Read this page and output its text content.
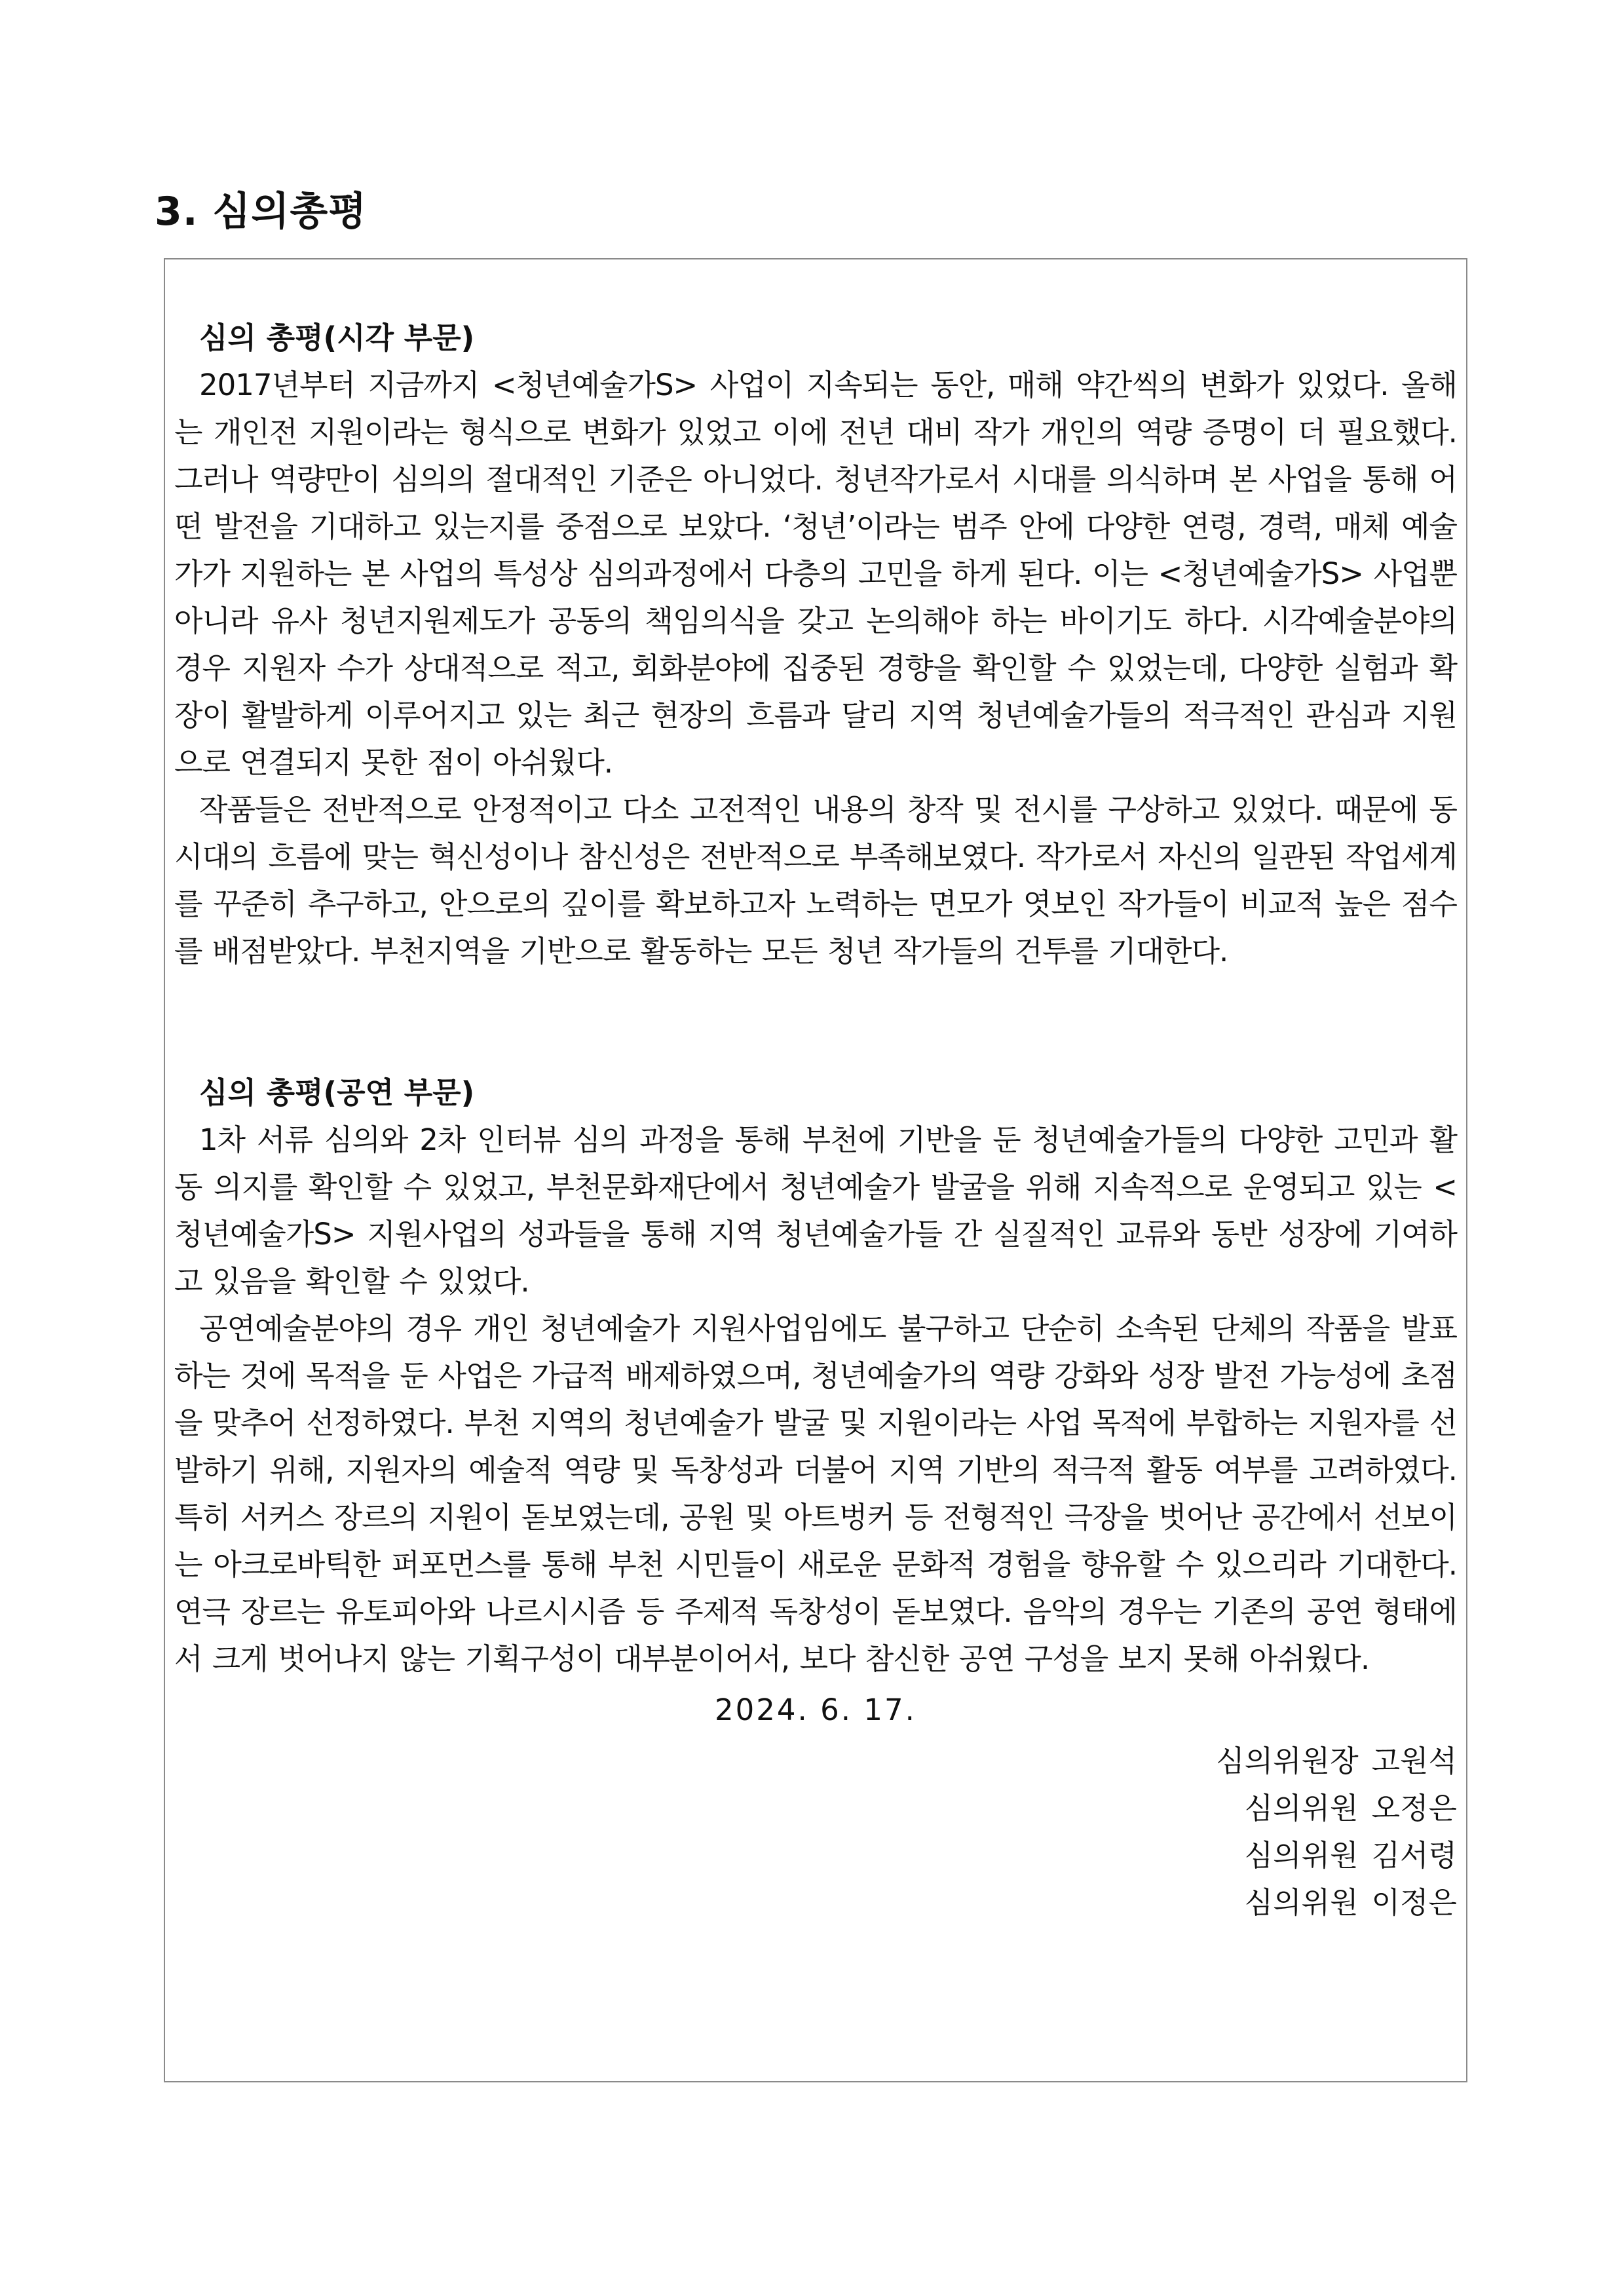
3. 심의총평
심의 총평(시각 부문)

2017년부터 지금까지 <청년예술가S> 사업이 지속되는 동안, 매해 약간씩의 변화가 있었다. 올해는 개인전 지원이라는 형식으로 변화가 있었고 이에 전년 대비 작가 개인의 역량 증명이 더 필요했다. 그러나 역량만이 심의의 절대적인 기준은 아니었다. 청년작가로서 시대를 의식하며 본 사업을 통해 어떤 발전을 기대하고 있는지를 중점으로 보았다. ‘청년’이라는 범주 안에 다양한 연령, 경력, 매체 예술가가 지원하는 본 사업의 특성상 심의과정에서 다층의 고민을 하게 된다. 이는 <청년예술가S> 사업뿐 아니라 유사 청년지원제도가 공동의 책임의식을 갖고 논의해야 하는 바이기도 하다. 시각예술분야의 경우 지원자 수가 상대적으로 적고, 회화분야에 집중된 경향을 확인할 수 있었는데, 다양한 실험과 확장이 활발하게 이루어지고 있는 최근 현장의 흐름과 달리 지역 청년예술가들의 적극적인 관심과 지원으로 연결되지 못한 점이 아쉬웠다.

작품들은 전반적으로 안정적이고 다소 고전적인 내용의 창작 및 전시를 구상하고 있었다. 때문에 동시대의 흐름에 맞는 혁신성이나 참신성은 전반적으로 부족해보였다. 작가로서 자신의 일관된 작업세계를 꾸준히 추구하고, 안으로의 깊이를 확보하고자 노력하는 면모가 엿보인 작가들이 비교적 높은 점수를 배점받았다. 부천지역을 기반으로 활동하는 모든 청년 작가들의 건투를 기대한다.

심의 총평(공연 부문)

1차 서류 심의와 2차 인터뷰 심의 과정을 통해 부천에 기반을 둔 청년예술가들의 다양한 고민과 활동 의지를 확인할 수 있었고, 부천문화재단에서 청년예술가 발굴을 위해 지속적으로 운영되고 있는 <청년예술가S> 지원사업의 성과들을 통해 지역 청년예술가들 간 실질적인 교류와 동반 성장에 기여하고 있음을 확인할 수 있었다.

공연예술분야의 경우 개인 청년예술가 지원사업임에도 불구하고 단순히 소속된 단체의 작품을 발표하는 것에 목적을 둔 사업은 가급적 배제하였으며, 청년예술가의 역량 강화와 성장 발전 가능성에 초점을 맞추어 선정하였다. 부천 지역의 청년예술가 발굴 및 지원이라는 사업 목적에 부합하는 지원자를 선발하기 위해, 지원자의 예술적 역량 및 독창성과 더불어 지역 기반의 적극적 활동 여부를 고려하였다. 특히 서커스 장르의 지원이 돋보였는데, 공원 및 아트벙커 등 전형적인 극장을 벗어난 공간에서 선보이는 아크로바틱한 퍼포먼스를 통해 부천 시민들이 새로운 문화적 경험을 향유할 수 있으리라 기대한다. 연극 장르는 유토피아와 나르시시즘 등 주제적 독창성이 돋보였다. 음악의 경우는 기존의 공연 형태에서 크게 벗어나지 않는 기획구성이 대부분이어서, 보다 참신한 공연 구성을 보지 못해 아쉬웠다.

2024. 6. 17.

심의위원장 고원석
심의위원 오정은
심의위원 김서령
심의위원 이정은
